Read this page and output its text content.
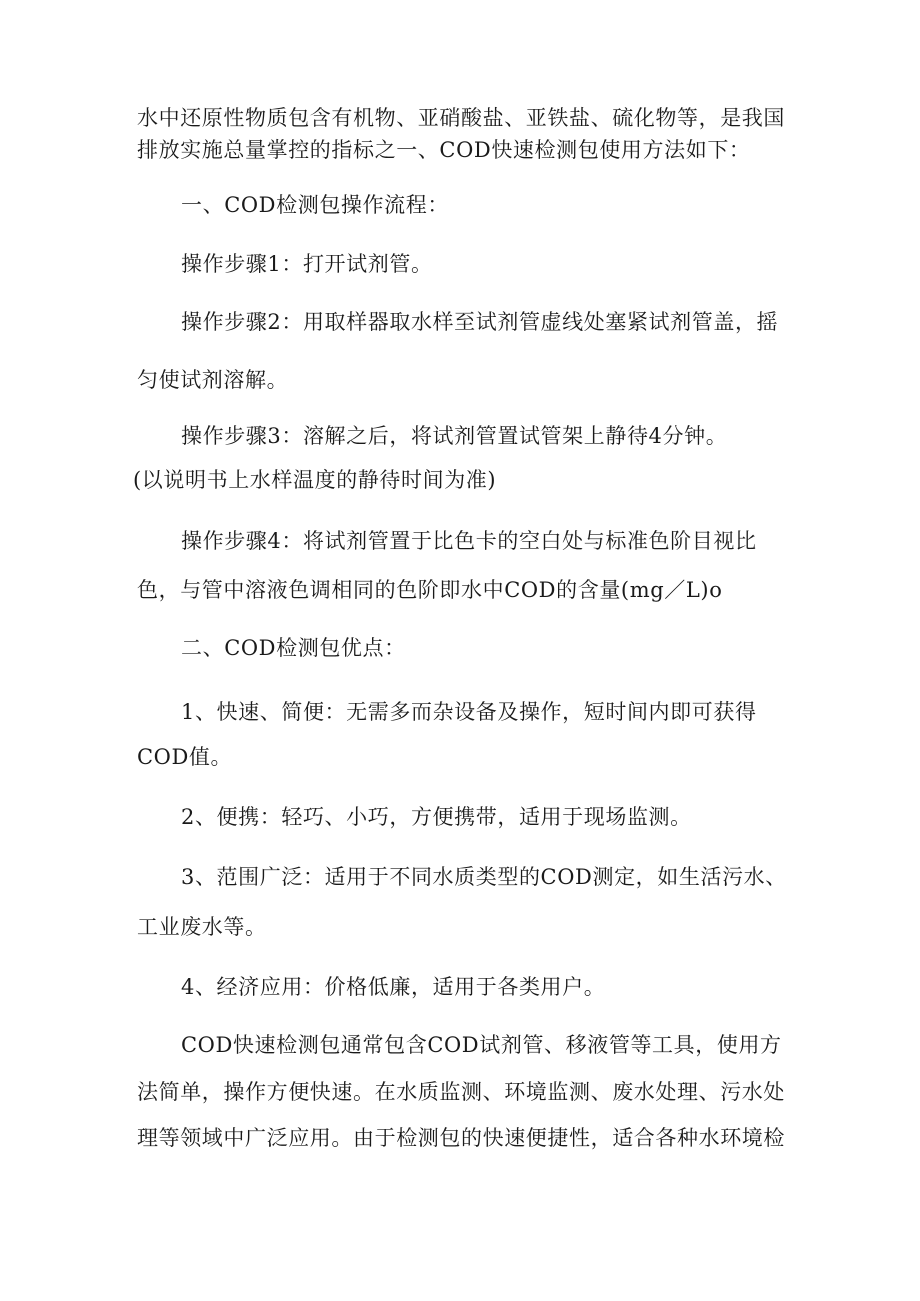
水中还原性物质包含有机物、亚硝酸盐、亚铁盐、硫化物等，是我国
排放实施总量掌控的指标之一、COD快速检测包使用方法如下：
一、COD检测包操作流程：
操作步骤1：打开试剂管。
操作步骤2：用取样器取水样至试剂管虚线处塞紧试剂管盖，摇
匀使试剂溶解。
操作步骤3：溶解之后，将试剂管置试管架上静待4分钟。
(以说明书上水样温度的静待时间为准)
操作步骤4：将试剂管置于比色卡的空白处与标准色阶目视比
色，与管中溶液色调相同的色阶即水中COD的含量(mg／L)o
二、COD检测包优点：
1、快速、简便：无需多而杂设备及操作，短时间内即可获得
COD值。
2、便携：轻巧、小巧，方便携带，适用于现场监测。
3、范围广泛：适用于不同水质类型的COD测定，如生活污水、
工业废水等。
4、经济应用：价格低廉，适用于各类用户。
COD快速检测包通常包含COD试剂管、移液管等工具，使用方
法简单，操作方便快速。在水质监测、环境监测、废水处理、污水处
理等领域中广泛应用。由于检测包的快速便捷性，适合各种水环境检
